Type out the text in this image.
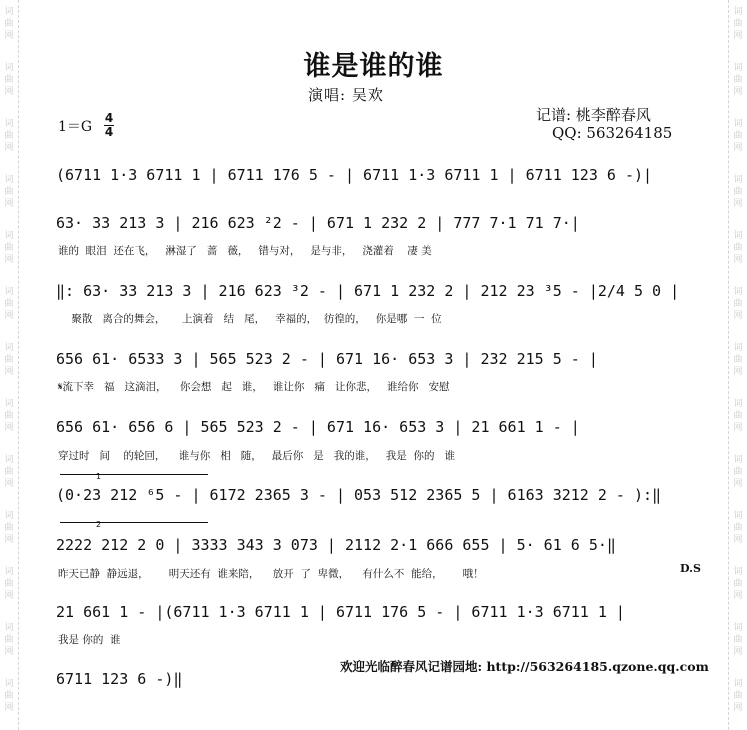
词
曲
网
词
曲
网
词
曲
网
词
曲
网
词
曲
网
词
曲
网
词
曲
网
词
曲
网
词
曲
网
词
曲
网
词
曲
网
词
曲
网
词
曲
网
词
曲
网
词
曲
网
词
曲
网
词
曲
网
词
曲
网
词
曲
网
词
曲
网
词
曲
网
词
曲
网
词
曲
网
词
曲
网
词
曲
网
词
曲
网
谁是谁的谁
演唱: 吴欢
记谱: 桃李醉春风
QQ: 563264185
1＝G
4
4
(6711 1·3 6711 1 | 6711 176 5 - | 6711 1·3 6711 1 | 6711 123 6 -)|
63· 33 213 3 | 216 623 ²2 - | 671 1 232 2 | 777 7·1 71 7·|
谁的  眼泪  还在飞，   淋湿了   蔷   薇，   错与对，   是与非，   浇灌着    凄 美
‖: 63· 33 213 3 | 216 623 ³2 - | 671 1 232 2 | 212 23 ³5 - |2/4 5 0 |
聚散   离合的舞会，     上演着   结   尾，   幸福的，  彷徨的，   你是哪  一  位
656 61· 6533 3 | 565 523 2 - | 671 16· 653 3 | 232 215 5 - |
𝄋流下幸   福   这滴泪，    你会想   起   谁，   谁让你   痛   让你悲，   谁给你   安慰
656 61· 656 6 | 565 523 2 - | 671 16· 653 3 | 21 661 1 - |
穿过时   间    的轮回，    谁与你   相   随，   最后你   是   我的谁，   我是  你的   谁
1
(0·23 212 ⁶5 - | 6172 2365 3 - | 053 512 2365 5 | 6163 3212 2 - ):‖
2
2222 212 2 0 | 3333 343 3 073 | 2112 2·1 666 655 | 5· 61 6 5·‖
昨天已静  静远退，      明天还有  谁来陪，    放开  了  卑微，    有什么不  能给，      哦！	D.S
21 661 1 - |(6711 1·3 6711 1 | 6711 176 5 - | 6711 1·3 6711 1 |
我是 你的  谁
欢迎光临醉春风记谱园地: http://563264185.qzone.qq.com
6711 123 6 -)‖
